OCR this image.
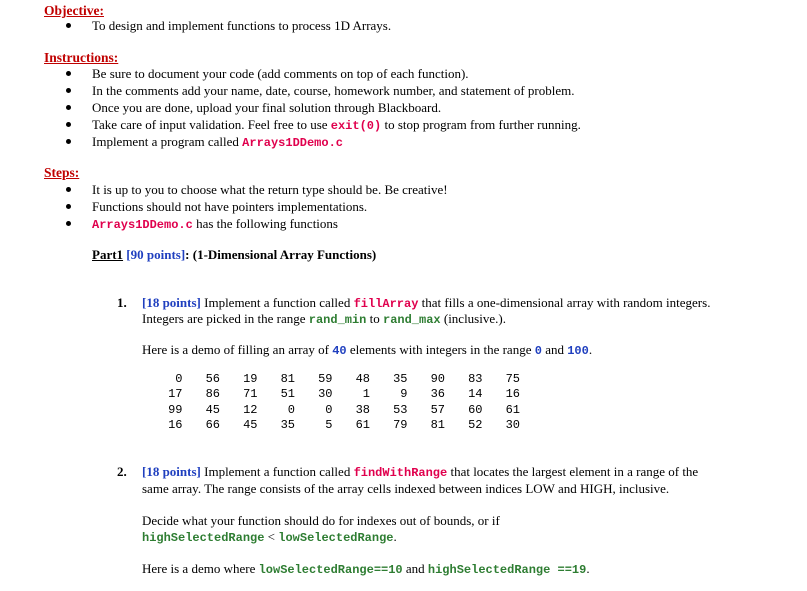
Objective:
To design and implement functions to process 1D Arrays.
Instructions:
Be sure to document your code (add comments on top of each function).
In the comments add your name, date, course, homework number, and statement of problem.
Once you are done, upload your final solution through Blackboard.
Take care of input validation. Feel free to use exit(0) to stop program from further running.
Implement a program called Arrays1DDemo.c
Steps:
It is up to you to choose what the return type should be. Be creative!
Functions should not have pointers implementations.
Arrays1DDemo.c has the following functions
Part1 [90 points]: (1-Dimensional Array Functions)
1. [18 points] Implement a function called fillArray that fills a one-dimensional array with random integers.
Integers are picked in the range rand_min to rand_max (inclusive.).
Here is a demo of filling an array of 40 elements with integers in the range 0 and 100.
0	56	19	81	59	48	35	90	83	75
17	86	71	51	30	1	9	36	14	16
99	45	12	0	0	38	53	57	60	61
16	66	45	35	5	61	79	81	52	30
2. [18 points] Implement a function called findWithRange that locates the largest element in a range of the
same array. The range consists of the array cells indexed between indices LOW and HIGH, inclusive.
Decide what your function should do for indexes out of bounds, or if
highSelectedRange < lowSelectedRange.
Here is a demo where lowSelectedRange==10 and highSelectedRange ==19.
